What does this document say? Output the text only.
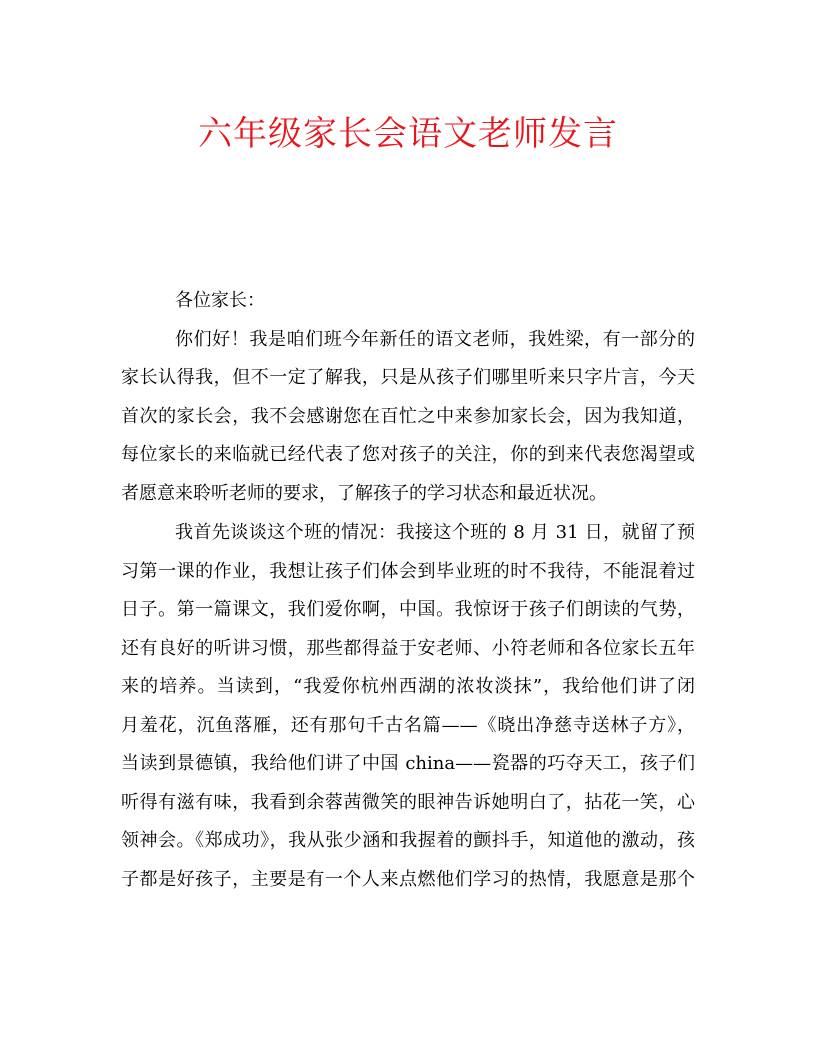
六年级家长会语文老师发言
各位家长：
你们好！我是咱们班今年新任的语文老师，我姓梁，有一部分的
家长认得我，但不一定了解我，只是从孩子们哪里听来只字片言，今天
首次的家长会，我不会感谢您在百忙之中来参加家长会，因为我知道，
每位家长的来临就已经代表了您对孩子的关注，你的到来代表您渴望或
者愿意来聆听老师的要求，了解孩子的学习状态和最近状况。
我首先谈谈这个班的情况：我接这个班的 8 月 31 日，就留了预
习第一课的作业，我想让孩子们体会到毕业班的时不我待，不能混着过
日子。第一篇课文，我们爱你啊，中国。我惊讶于孩子们朗读的气势，
还有良好的听讲习惯，那些都得益于安老师、小符老师和各位家长五年
来的培养。当读到，“我爱你杭州西湖的浓妆淡抹”，我给他们讲了闭
月羞花，沉鱼落雁，还有那句千古名篇——《晓出净慈寺送林子方》，
当读到景德镇，我给他们讲了中国 china——瓷器的巧夺天工，孩子们
听得有滋有味，我看到余蓉茜微笑的眼神告诉她明白了，拈花一笑，心
领神会。《郑成功》，我从张少涵和我握着的颤抖手，知道他的激动，孩
子都是好孩子，主要是有一个人来点燃他们学习的热情，我愿意是那个
